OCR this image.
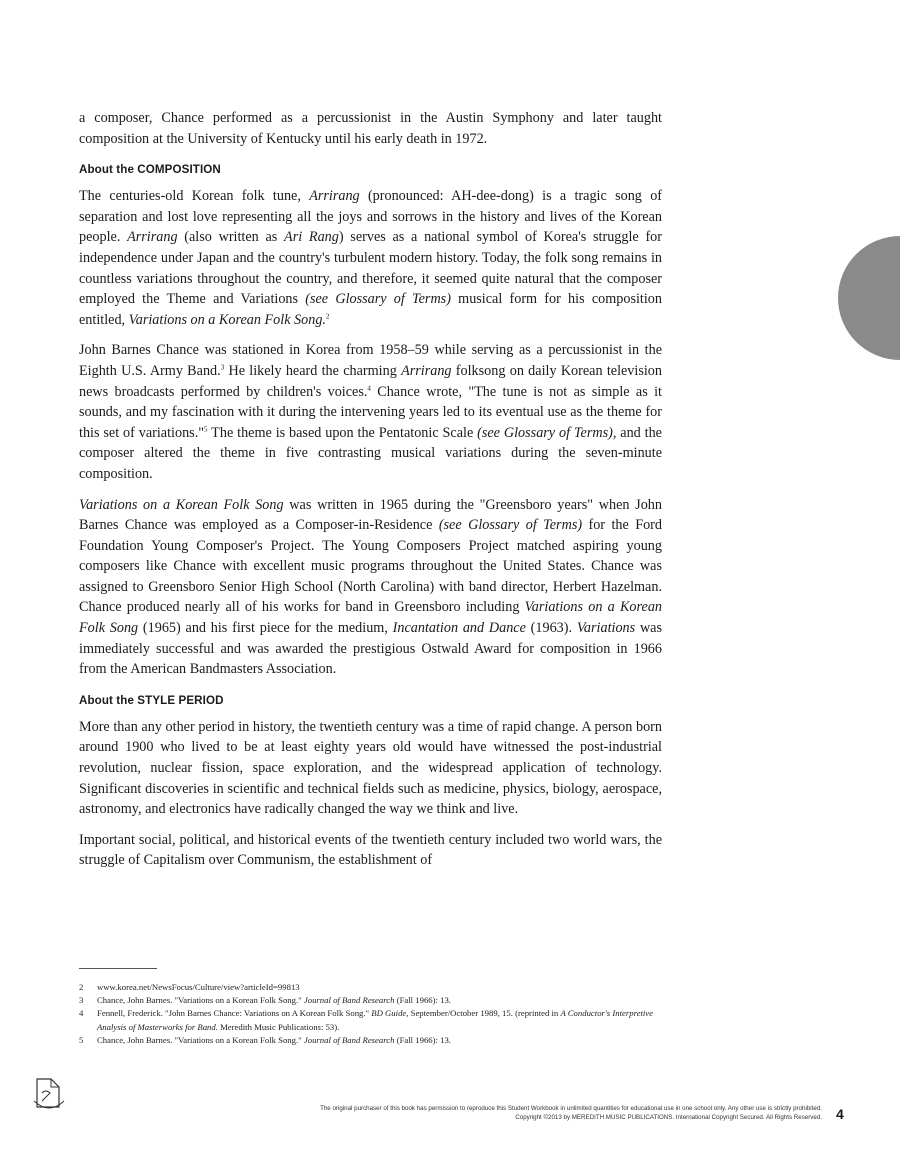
a composer, Chance performed as a percussionist in the Austin Symphony and later taught composition at the University of Kentucky until his early death in 1972.

About the COMPOSITION

The centuries-old Korean folk tune, Arrirang (pronounced: AH-dee-dong) is a tragic song of separation and lost love representing all the joys and sorrows in the history and lives of the Korean people. Arrirang (also written as Ari Rang) serves as a national symbol of Korea's struggle for independence under Japan and the country's turbulent modern history. Today, the folk song remains in countless variations throughout the country, and therefore, it seemed quite natural that the composer employed the Theme and Variations (see Glossary of Terms) musical form for his composition entitled, Variations on a Korean Folk Song.$^2$

John Barnes Chance was stationed in Korea from 1958–59 while serving as a percussionist in the Eighth U.S. Army Band.$^3$ He likely heard the charming Arrirang folksong on daily Korean television news broadcasts performed by children's voices.$^4$ Chance wrote, "The tune is not as simple as it sounds, and my fascination with it during the intervening years led to its eventual use as the theme for this set of variations."$^5$ The theme is based upon the Pentatonic Scale (see Glossary of Terms), and the composer altered the theme in five contrasting musical variations during the seven-minute composition.

Variations on a Korean Folk Song was written in 1965 during the "Greensboro years" when John Barnes Chance was employed as a Composer-in-Residence (see Glossary of Terms) for the Ford Foundation Young Composer's Project. The Young Composers Project matched aspiring young composers like Chance with excellent music programs throughout the United States. Chance was assigned to Greensboro Senior High School (North Carolina) with band director, Herbert Hazelman. Chance produced nearly all of his works for band in Greensboro including Variations on a Korean Folk Song (1965) and his first piece for the medium, Incantation and Dance (1963). Variations was immediately successful and was awarded the prestigious Ostwald Award for composition in 1966 from the American Bandmasters Association.

About the STYLE PERIOD

More than any other period in history, the twentieth century was a time of rapid change. A person born around 1900 who lived to be at least eighty years old would have witnessed the post-industrial revolution, nuclear fission, space exploration, and the widespread application of technology. Significant discoveries in scientific and technical fields such as medicine, physics, biology, aerospace, astronomy, and electronics have radically changed the way we think and live.

Important social, political, and historical events of the twentieth century included two world wars, the struggle of Capitalism over Communism, the establishment of

2	www.korea.net/NewsFocus/Culture/view?articleId=99813
3	Chance, John Barnes. "Variations on a Korean Folk Song." Journal of Band Research (Fall 1966): 13.
4	Fennell, Frederick. "John Barnes Chance: Variations on A Korean Folk Song." BD Guide, September/October 1989, 15. (reprinted in A Conductor's Interpretive Analysis of Masterworks for Band. Meredith Music Publications: 53).
5	Chance, John Barnes. "Variations on a Korean Folk Song." Journal of Band Research (Fall 1966): 13.
The original purchaser of this book has permission to reproduce this Student Workbook in unlimited quantities for educational use in one school only. Any other use is strictly prohibited.
Copyright ©2013 by MEREDITH MUSIC PUBLICATIONS. International Copyright Secured. All Rights Reserved. 4
